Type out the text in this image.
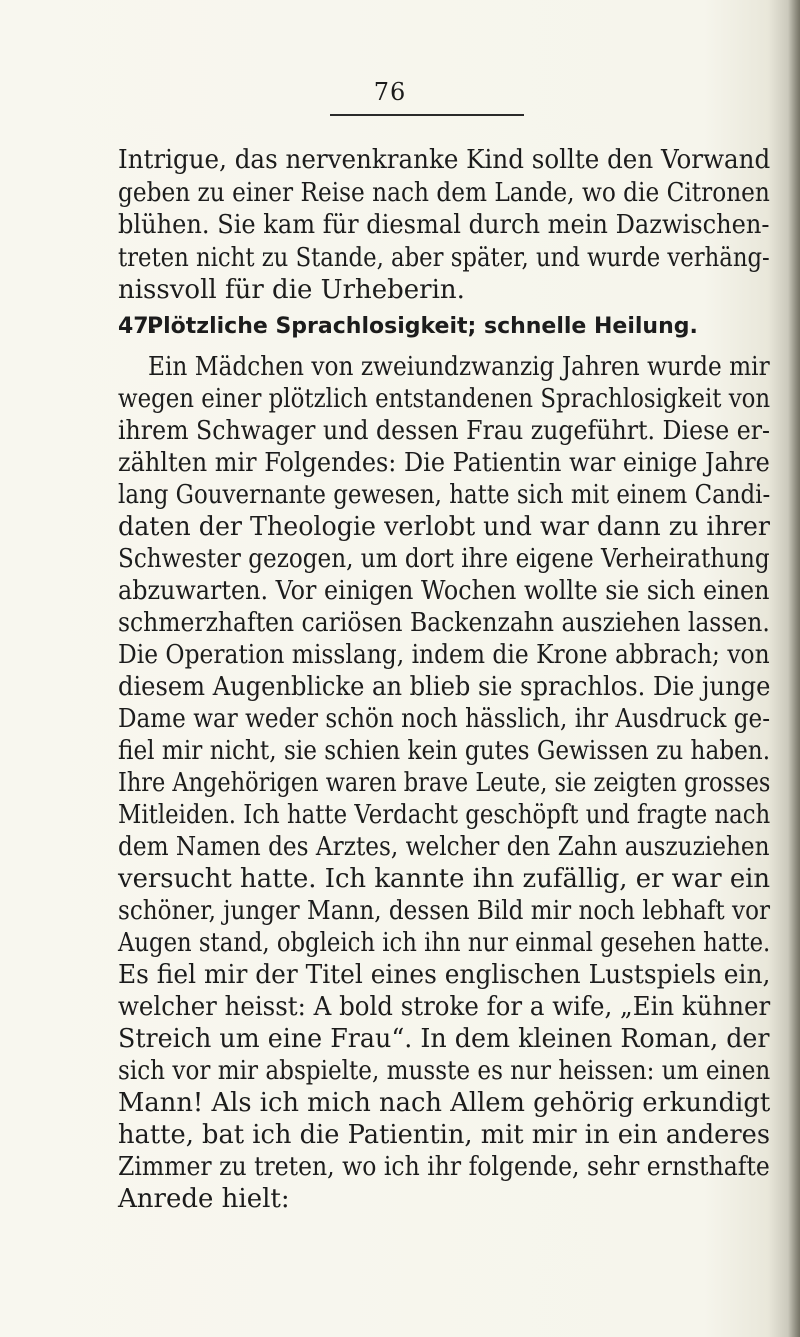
76
Intrigue, das nervenkranke Kind sollte den Vorwand
geben zu einer Reise nach dem Lande, wo die Citronen
blühen. Sie kam für diesmal durch mein Dazwischen-
treten nicht zu Stande, aber später, und wurde verhäng-
nissvoll für die Urheberin.
47.
Plötzliche Sprachlosigkeit; schnelle Heilung.
Ein Mädchen von zweiundzwanzig Jahren wurde mir
wegen einer plötzlich entstandenen Sprachlosigkeit von
ihrem Schwager und dessen Frau zugeführt. Diese er-
zählten mir Folgendes: Die Patientin war einige Jahre
lang Gouvernante gewesen, hatte sich mit einem Candi-
daten der Theologie verlobt und war dann zu ihrer
Schwester gezogen, um dort ihre eigene Verheirathung
abzuwarten. Vor einigen Wochen wollte sie sich einen
schmerzhaften cariösen Backenzahn ausziehen lassen.
Die Operation misslang, indem die Krone abbrach; von
diesem Augenblicke an blieb sie sprachlos. Die junge
Dame war weder schön noch hässlich, ihr Ausdruck ge-
fiel mir nicht, sie schien kein gutes Gewissen zu haben.
Ihre Angehörigen waren brave Leute, sie zeigten grosses
Mitleiden. Ich hatte Verdacht geschöpft und fragte nach
dem Namen des Arztes, welcher den Zahn auszuziehen
versucht hatte. Ich kannte ihn zufällig, er war ein
schöner, junger Mann, dessen Bild mir noch lebhaft vor
Augen stand, obgleich ich ihn nur einmal gesehen hatte.
Es fiel mir der Titel eines englischen Lustspiels ein,
welcher heisst: A bold stroke for a wife, „Ein kühner
Streich um eine Frau“. In dem kleinen Roman, der
sich vor mir abspielte, musste es nur heissen: um einen
Mann! Als ich mich nach Allem gehörig erkundigt
hatte, bat ich die Patientin, mit mir in ein anderes
Zimmer zu treten, wo ich ihr folgende, sehr ernsthafte
Anrede hielt:
